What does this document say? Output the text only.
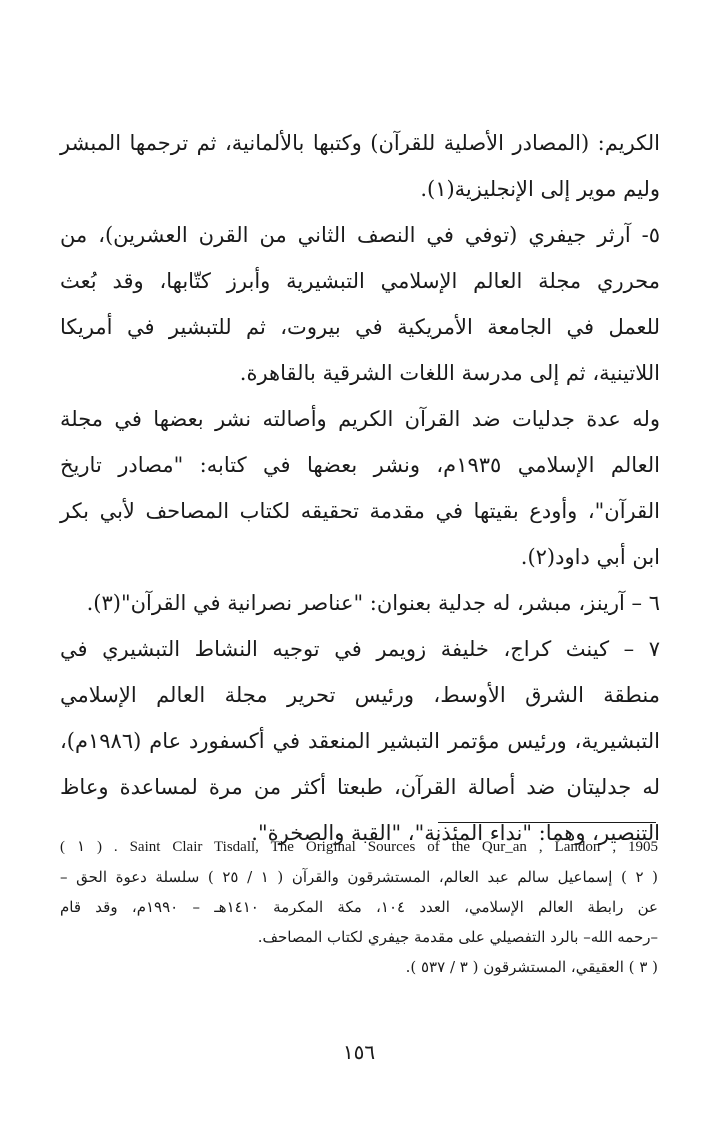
الكريم: (المصادر الأصلية للقرآن) وكتبها بالألمانية، ثم ترجمها المبشر
وليم موير إلى الإنجليزية(١).
٥- آرثر جيفري (توفي في النصف الثاني من القرن العشرين)، من
محرري مجلة العالم الإسلامي التبشيرية وأبرز كتّابها، وقد بُعث
للعمل في الجامعة الأمريكية في بيروت، ثم للتبشير في أمريكا
اللاتينية، ثم إلى مدرسة اللغات الشرقية بالقاهرة.
وله عدة جدليات ضد القرآن الكريم وأصالته نشر بعضها في مجلة
العالم الإسلامي ١٩٣٥م، ونشر بعضها في كتابه: "مصادر تاريخ
القرآن"، وأودع بقيتها في مقدمة تحقيقه لكتاب المصاحف لأبي بكر
ابن أبي داود(٢).
٦ – آرينز، مبشر، له جدلية بعنوان: "عناصر نصرانية في القرآن"(٣).
٧ – كينث كراج، خليفة زويمر في توجيه النشاط التبشيري في
منطقة الشرق الأوسط، ورئيس تحرير مجلة العالم الإسلامي
التبشيرية، ورئيس مؤتمر التبشير المنعقد في أكسفورد عام (١٩٨٦م)،
له جدليتان ضد أصالة القرآن، طبعتا أكثر من مرة لمساعدة وعاظ
التنصير، وهما: "نداء المئذنة"، "القبة والصخرة".
Saint Clair Tisdall, The Original Sources of the Qur_an , Landon , 1905 . ( ١ )
( ٢ ) إسماعيل سالم عبد العالم، المستشرقون والقرآن ( ١ / ٢٥ ) سلسلة دعوة الحق –
عن رابطة العالم الإسلامي، العدد ١٠٤، مكة المكرمة ١٤١٠هـ – ١٩٩٠م، وقد قام
–رحمه الله– بالرد التفصيلي على مقدمة جيفري لكتاب المصاحف.
( ٣ ) العقيقي، المستشرقون ( ٣ / ٥٣٧ ).
١٥٦
